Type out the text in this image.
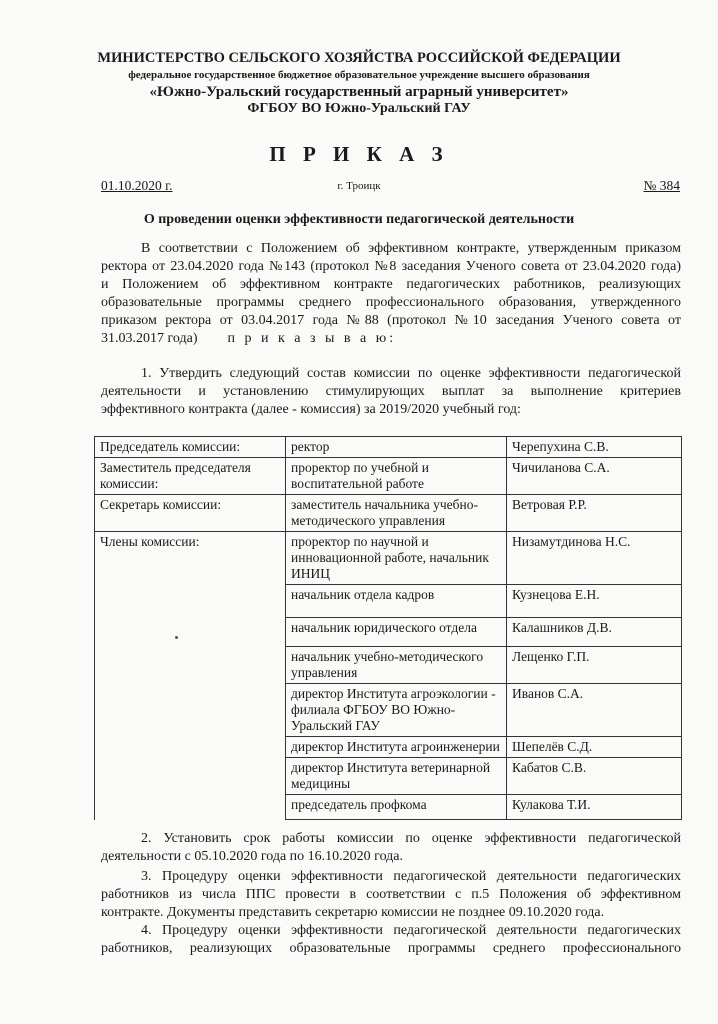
МИНИСТЕРСТВО СЕЛЬСКОГО ХОЗЯЙСТВА РОССИЙСКОЙ ФЕДЕРАЦИИ
федеральное государственное бюджетное образовательное учреждение высшего образования
«Южно-Уральский государственный аграрный университет»
ФГБОУ ВО Южно-Уральский ГАУ
П Р И К А З
01.10.2020 г.	г. Троицк	№ 384
О проведении оценки эффективности педагогической деятельности
В соответствии с Положением об эффективном контракте, утвержденным приказом
ректора от 23.04.2020 года №143 (протокол №8 заседания Ученого совета от 23.04.2020 года)
и Положением об эффективном контракте педагогических работников, реализующих
образовательные программы среднего профессионального образования, утвержденного
приказом ректора от 03.04.2017 года №88 (протокол №10 заседания Ученого совета от
31.03.2017 года) п р и к а з ы в а ю:
1. Утвердить следующий состав комиссии по оценке эффективности педагогической
деятельности и установлению стимулирующих выплат за выполнение критериев
эффективного контракта (далее - комиссия) за 2019/2020 учебный год:
Председатель комиссии:	ректор	Черепухина С.В.
Заместитель председателя комиссии:	проректор по учебной и воспитательной работе	Чичиланова С.А.
Секретарь комиссии:	заместитель начальника учебно-методического управления	Ветровая Р.Р.
Члены комиссии:	проректор по научной и инновационной работе, начальник ИНИЦ	Низамутдинова Н.С.
	начальник отдела кадров	Кузнецова Е.Н.
	начальник юридического отдела	Калашников Д.В.
	начальник учебно-методического управления	Лещенко Г.П.
	директор Института агроэкологии - филиала ФГБОУ ВО Южно-Уральский ГАУ	Иванов С.А.
	директор Института агроинженерии	Шепелёв С.Д.
	директор Института ветеринарной медицины	Кабатов С.В.
	председатель профкома	Кулакова Т.И.
2. Установить срок работы комиссии по оценке эффективности педагогической
деятельности с 05.10.2020 года по 16.10.2020 года.
3. Процедуру оценки эффективности педагогической деятельности педагогических
работников из числа ППС провести в соответствии с п.5 Положения об эффективном
контракте. Документы представить секретарю комиссии не позднее 09.10.2020 года.
4. Процедуру оценки эффективности педагогической деятельности педагогических
работников, реализующих образовательные программы среднего профессионального
